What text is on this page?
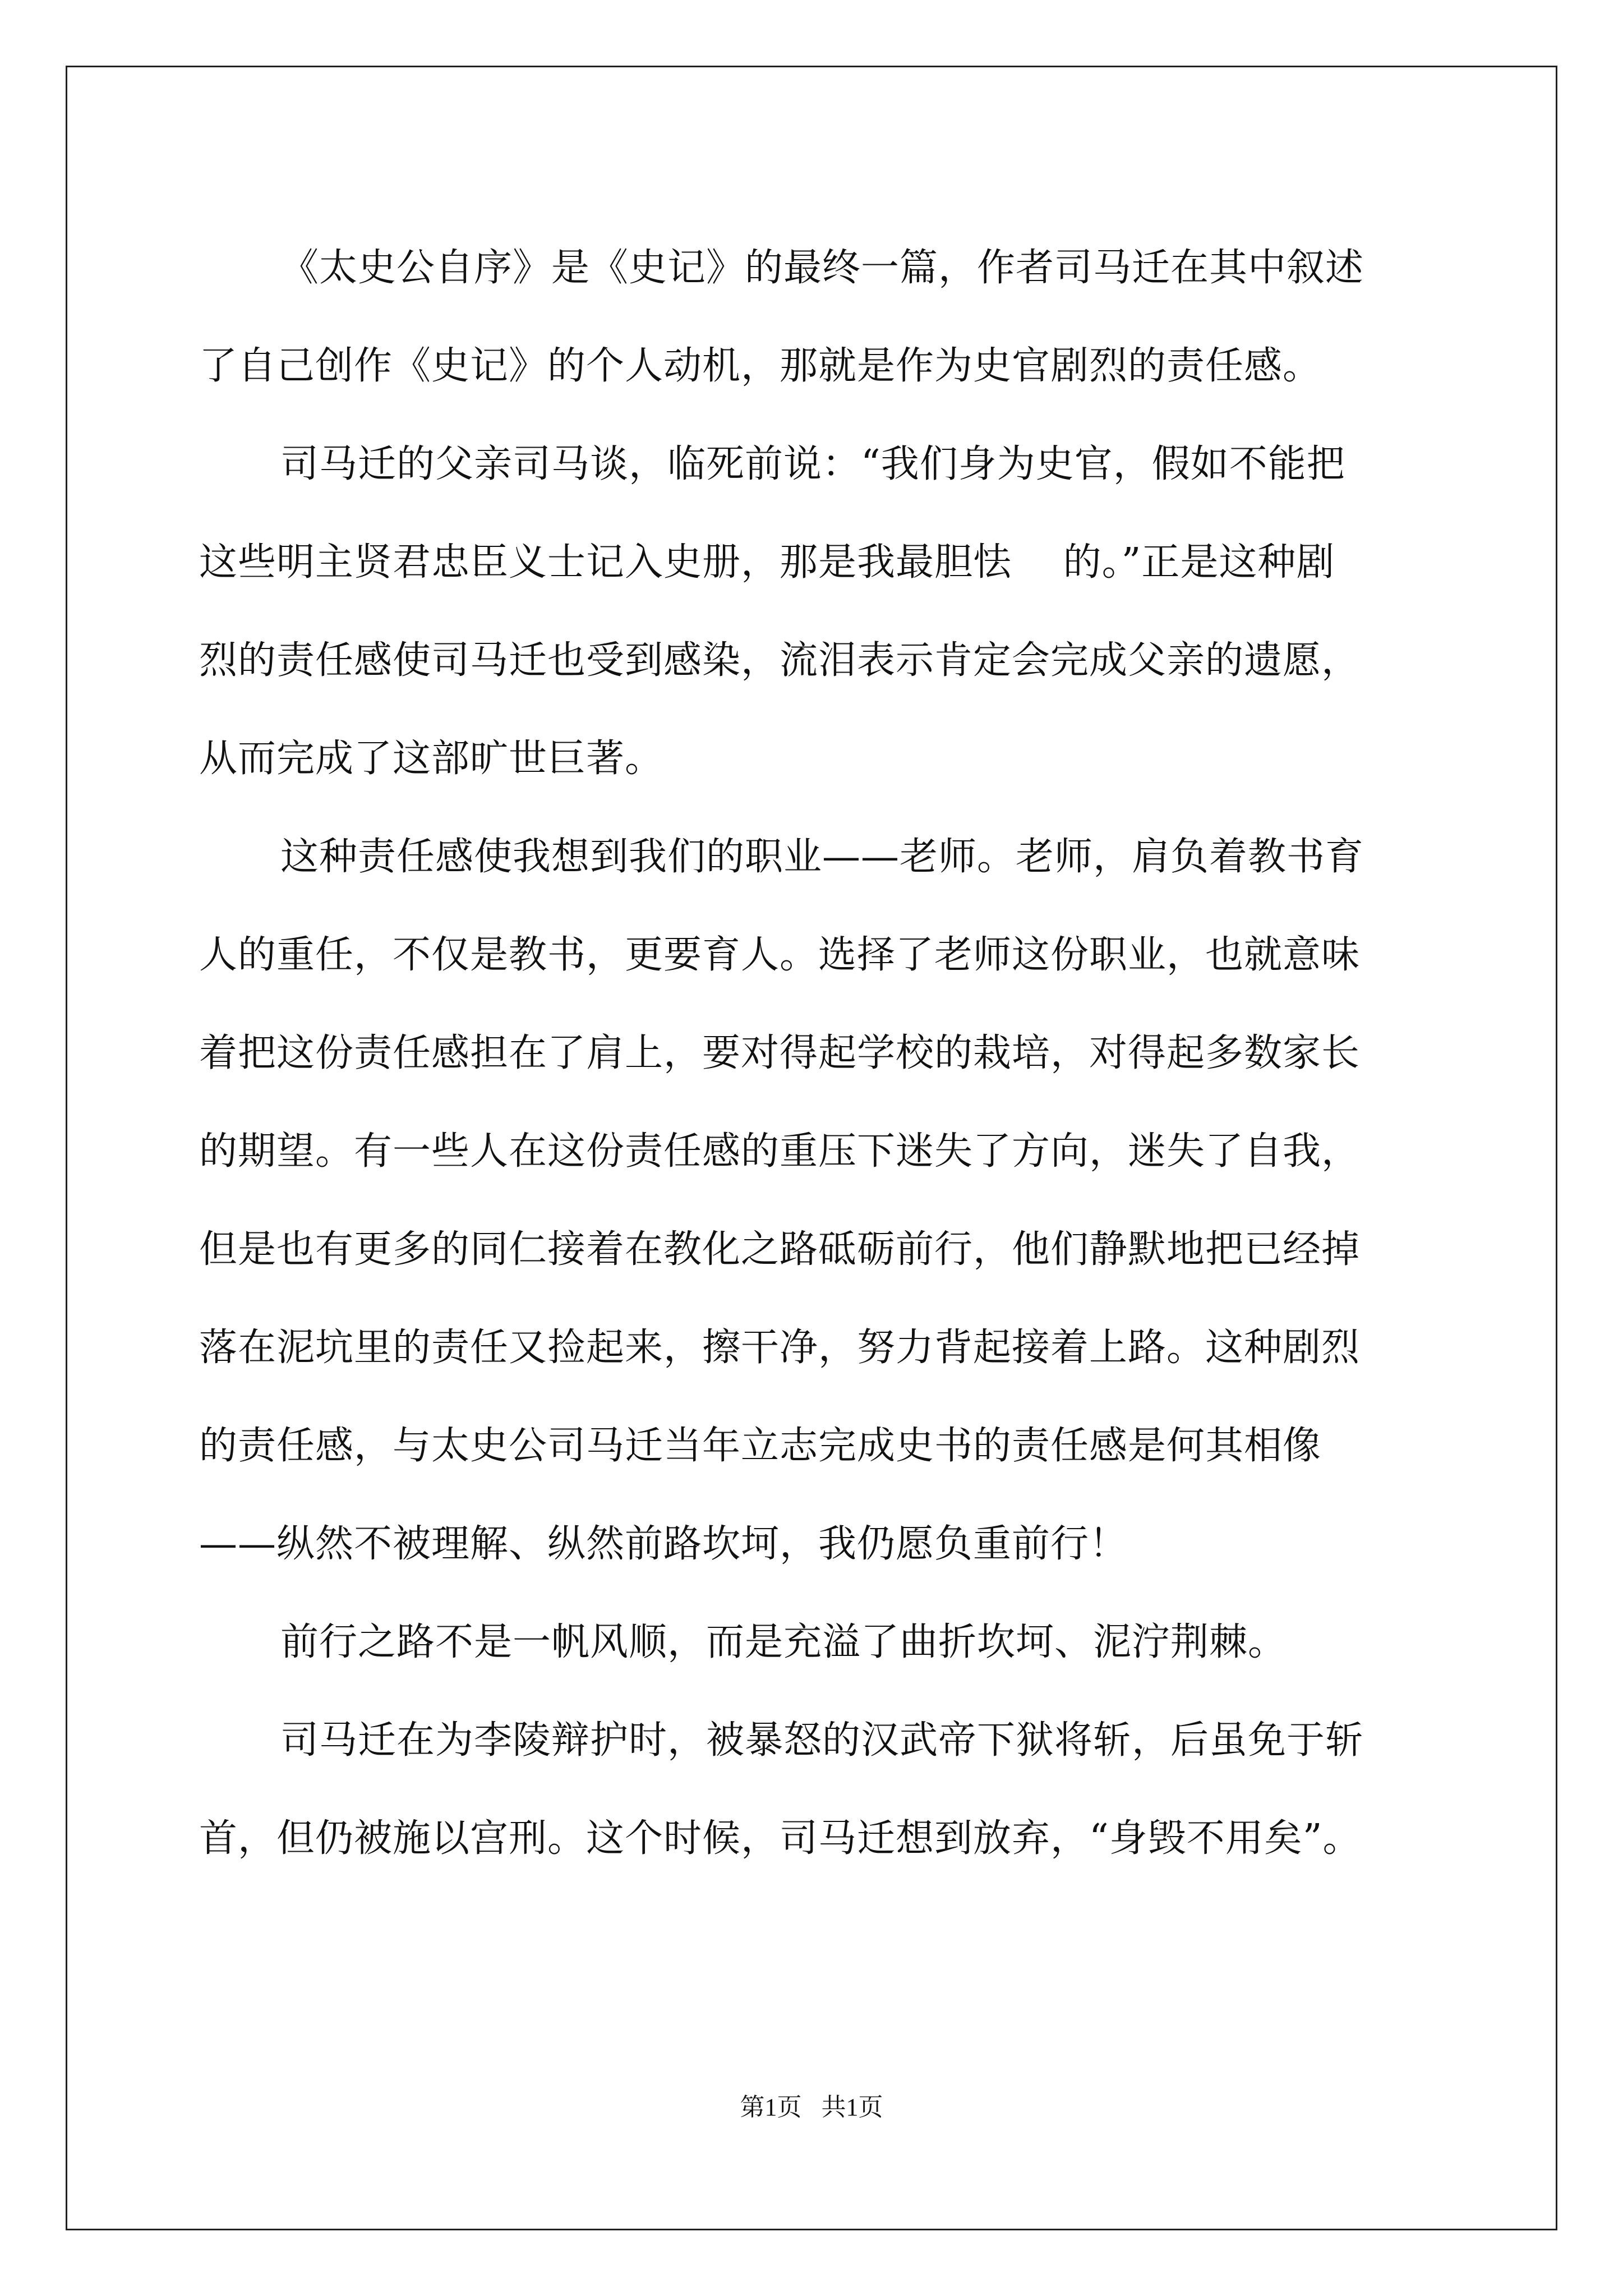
《太史公自序》是《史记》的最终一篇，作者司马迁在其中叙述
了自己创作《史记》的个人动机，那就是作为史官剧烈的责任感。

司马迁的父亲司马谈，临死前说：“我们身为史官，假如不能把
这些明主贤君忠臣义士记入史册，那是我最胆怯　 的。”正是这种剧
烈的责任感使司马迁也受到感染，流泪表示肯定会完成父亲的遗愿，
从而完成了这部旷世巨著。

这种责任感使我想到我们的职业——老师。老师，肩负着教书育
人的重任，不仅是教书，更要育人。选择了老师这份职业，也就意味
着把这份责任感担在了肩上，要对得起学校的栽培，对得起多数家长
的期望。有一些人在这份责任感的重压下迷失了方向，迷失了自我，
但是也有更多的同仁接着在教化之路砥砺前行，他们静默地把已经掉
落在泥坑里的责任又捡起来，擦干净，努力背起接着上路。这种剧烈
的责任感，与太史公司马迁当年立志完成史书的责任感是何其相像
——纵然不被理解、纵然前路坎坷，我仍愿负重前行！

前行之路不是一帆风顺，而是充溢了曲折坎坷、泥泞荆棘。

司马迁在为李陵辩护时，被暴怒的汉武帝下狱将斩，后虽免于斩
首，但仍被施以宫刑。这个时候，司马迁想到放弃，“身毁不用矣”。

第1页 共1页
